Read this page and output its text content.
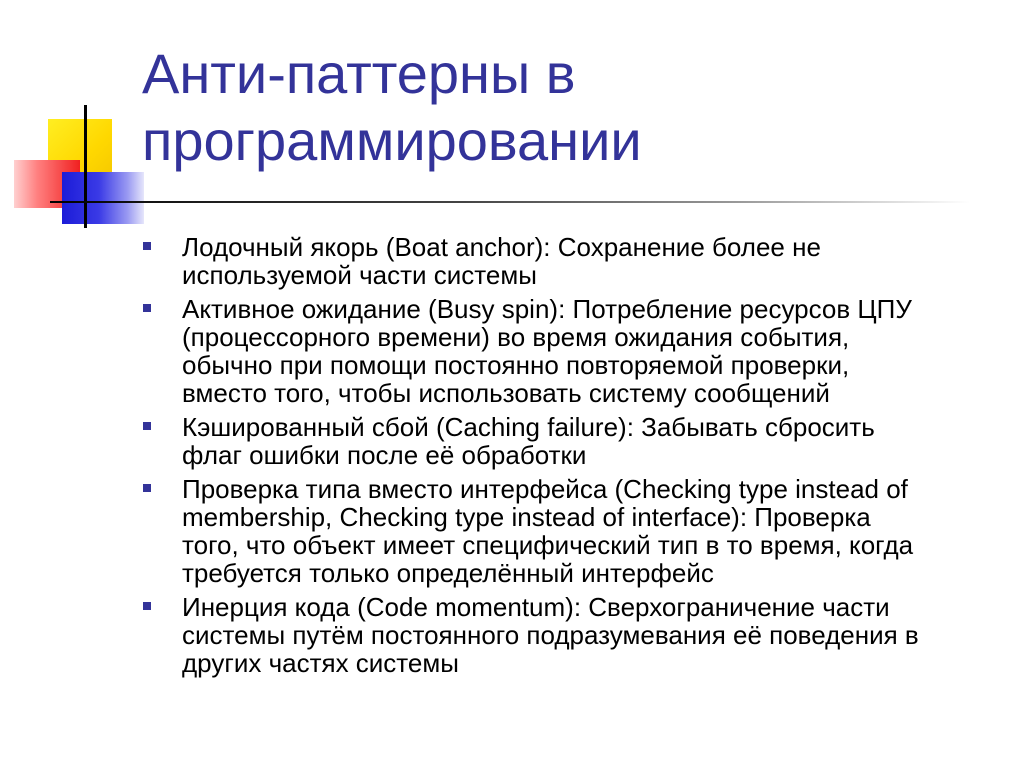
Анти-паттерны в
программировании
Лодочный якорь (Boat anchor): Сохранение более не
используемой части системы
Активное ожидание (Busy spin): Потребление ресурсов ЦПУ
(процессорного времени) во время ожидания события,
обычно при помощи постоянно повторяемой проверки,
вместо того, чтобы использовать систему сообщений
Кэшированный сбой (Caching failure): Забывать сбросить
флаг ошибки после её обработки
Проверка типа вместо интерфейса (Checking type instead of
membership, Checking type instead of interface): Проверка
того, что объект имеет специфический тип в то время, когда
требуется только определённый интерфейс
Инерция кода (Code momentum): Сверхограничение части
системы путём постоянного подразумевания её поведения в
других частях системы
